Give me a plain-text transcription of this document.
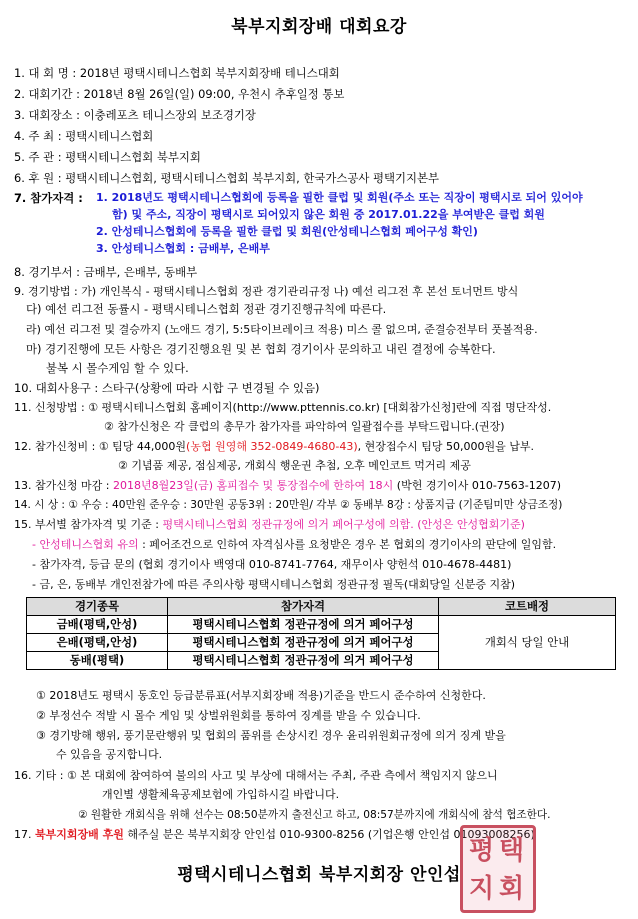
북부지회장배 대회요강
1. 대 회 명 : 2018년 평택시테니스협회 북부지회장배 테니스대회
2. 대회기간 : 2018년 8월 26일(일) 09:00, 우천시 추후일정 통보
3. 대회장소 : 이충레포츠 테니스장외 보조경기장
4. 주 최 : 평택시테니스협회
5. 주 관 : 평택시테니스협회 북부지회
6. 후 원 : 평택시테니스협회, 평택시테니스협회 북부지회, 한국가스공사 평택기지본부
7. 참가자격 : 1. 2018년도 평택시테니스협회에 등록을 필한 클럽 및 회원(주소 또는 직장이 평택시로 되어 있어야
함) 및 주소, 직장이 평택시로 되어있지 않은 회원 중 2017.01.22을 부여받은 클럽 회원
2. 안성테니스협회에 등록을 필한 클럽 및 회원(안성테니스협회 페어구성 확인)
3. 안성테니스협회 : 금배부, 은배부
8. 경기부서 : 금배부, 은배부, 동배부
9. 경기방법 : 가) 개인복식 - 평택시테니스협회 정관 경기관리규정 나) 예선 리그전 후 본선 토너먼트 방식
다) 예선 리그전 동률시 - 평택시테니스협회 정관 경기진행규칙에 따른다.
라) 예선 리그전 및 결승까지 (노애드 경기, 5:5타이브레이크 적용) 미스 콜 없으며, 준결승전부터 풋볼적용.
마) 경기진행에 모든 사항은 경기진행요원 및 본 협회 경기이사 문의하고 내린 결정에 승복한다.
불복 시 몰수게임 할 수 있다.
10. 대회사용구 : 스타구(상황에 따라 시합 구 변경될 수 있음)
11. 신청방법 : ① 평택시테니스협회 홈페이지(http://www.pttennis.co.kr) [대회참가신청]란에 직접 명단작성.
② 참가신청은 각 클럽의 총무가 참가자를 파악하여 일괄접수를 부탁드립니다.(권장)
12. 참가신청비 : ① 팀당 44,000원(농협 원영해 352-0849-4680-43), 현장접수시 팀당 50,000원을 납부.
② 기념품 제공, 점심제공, 개회식 행운권 추첨, 오후 메인코트 먹거리 제공
13. 참가신청 마감 : 2018년8월23일(금) 홈피접수 및 통장접수에 한하여 18시 (박헌 경기이사 010-7563-1207)
14. 시 상 : ① 우승 : 40만원 준우승 : 30만원 공동3위 : 20만원/ 각부 ② 동배부 8강 : 상품지급 (기준팀미만 상금조정)
15. 부서별 참가자격 및 기준 : 평택시테니스협회 정관규정에 의거 페어구성에 의함. (안성은 안성협회기준)
- 안성테니스협회 유의 : 페어조건으로 인하여 자격심사를 요청받은 경우 본 협회의 경기이사의 판단에 일임함.
- 참가자격, 등급 문의 (협회 경기이사 백영대 010-8741-7764, 재무이사 양헌석 010-4678-4481)
- 금, 은, 동배부 개인전참가에 따른 주의사항 평택시테니스협회 정관규정 필독(대회당일 신분증 지참)
경기종목	참가자격	코트배정
금배(평택,안성)	평택시테니스협회 정관규정에 의거 페어구성	개회식 당일 안내
은배(평택,안성)	평택시테니스협회 정관규정에 의거 페어구성	
동배(평택)	평택시테니스협회 정관규정에 의거 페어구성	
① 2018년도 평택시 동호인 등급분류표(서부지회장배 적용)기준을 반드시 준수하여 신청한다.
② 부정선수 적발 시 몰수 게임 및 상벌위원회를 통하여 징계를 받을 수 있습니다.
③ 경기방해 행위, 풍기문란행위 및 협회의 품위를 손상시킨 경우 윤리위원회규정에 의거 징계 받을
수 있음을 공지합니다.
16. 기타 : ① 본 대회에 참여하여 불의의 사고 및 부상에 대해서는 주최, 주관 측에서 책임지지 않으니
개인별 생활체육공제보험에 가입하시길 바랍니다.
② 원활한 개회식을 위해 선수는 08:50분까지 출전신고 하고, 08:57분까지에 개회식에 참석 협조한다.
17. 북부지회장배 후원 해주실 분은 북부지회장 안인섭 010-9300-8256 (기업은행 안인섭 01093008256)
평 택
지 회
평택시테니스협회 북부지회장 안인섭
